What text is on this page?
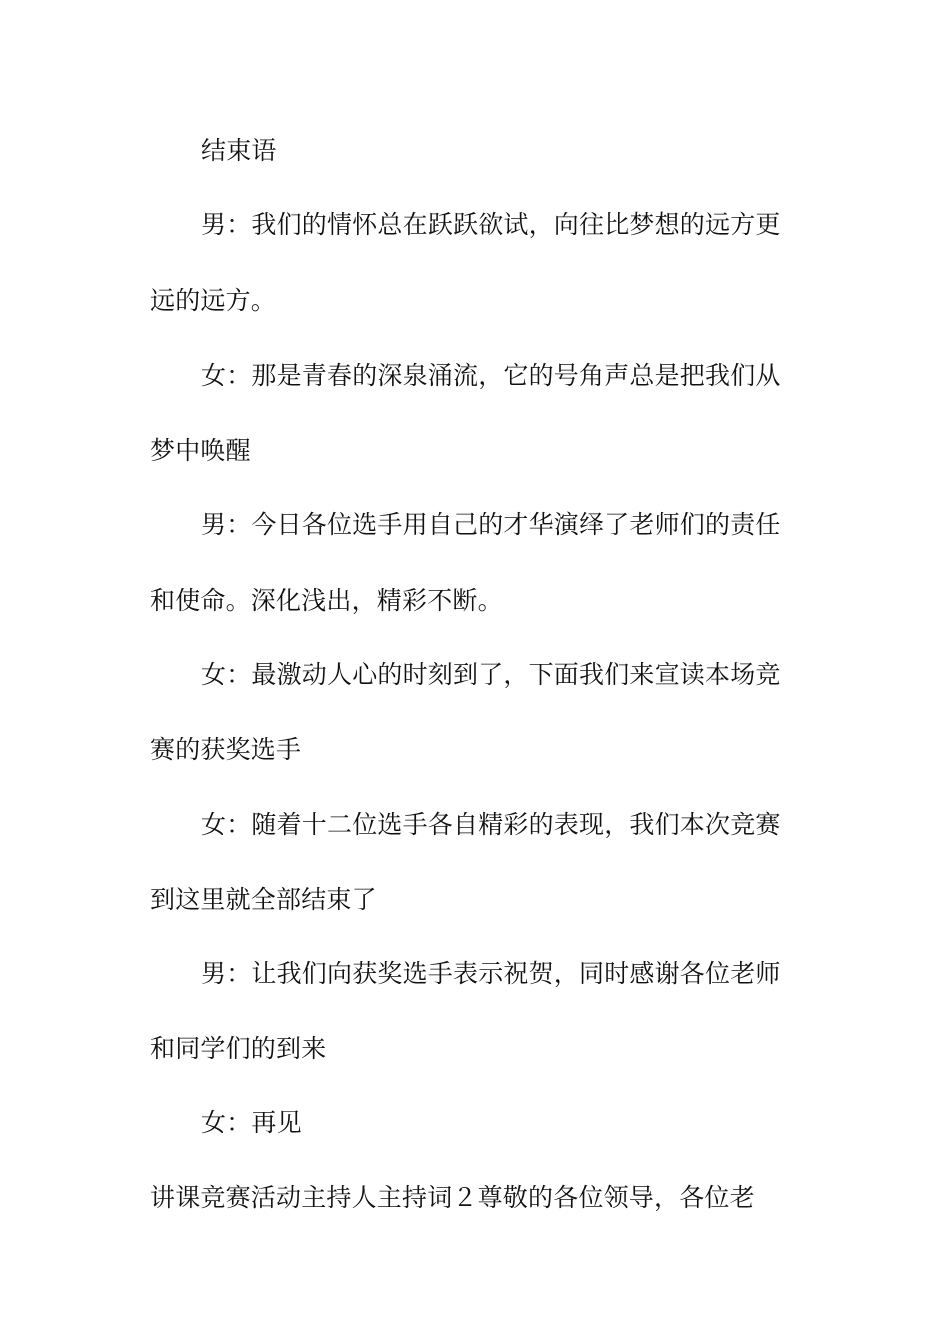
结束语
男：我们的情怀总在跃跃欲试，向往比梦想的远方更
远的远方。
女：那是青春的深泉涌流，它的号角声总是把我们从
梦中唤醒
男：今日各位选手用自己的才华演绎了老师们的责任
和使命。深化浅出，精彩不断。
女：最激动人心的时刻到了，下面我们来宣读本场竞
赛的获奖选手
女：随着十二位选手各自精彩的表现，我们本次竞赛
到这里就全部结束了
男：让我们向获奖选手表示祝贺，同时感谢各位老师
和同学们的到来
女：再见
讲课竞赛活动主持人主持词２尊敬的各位领导，各位老
